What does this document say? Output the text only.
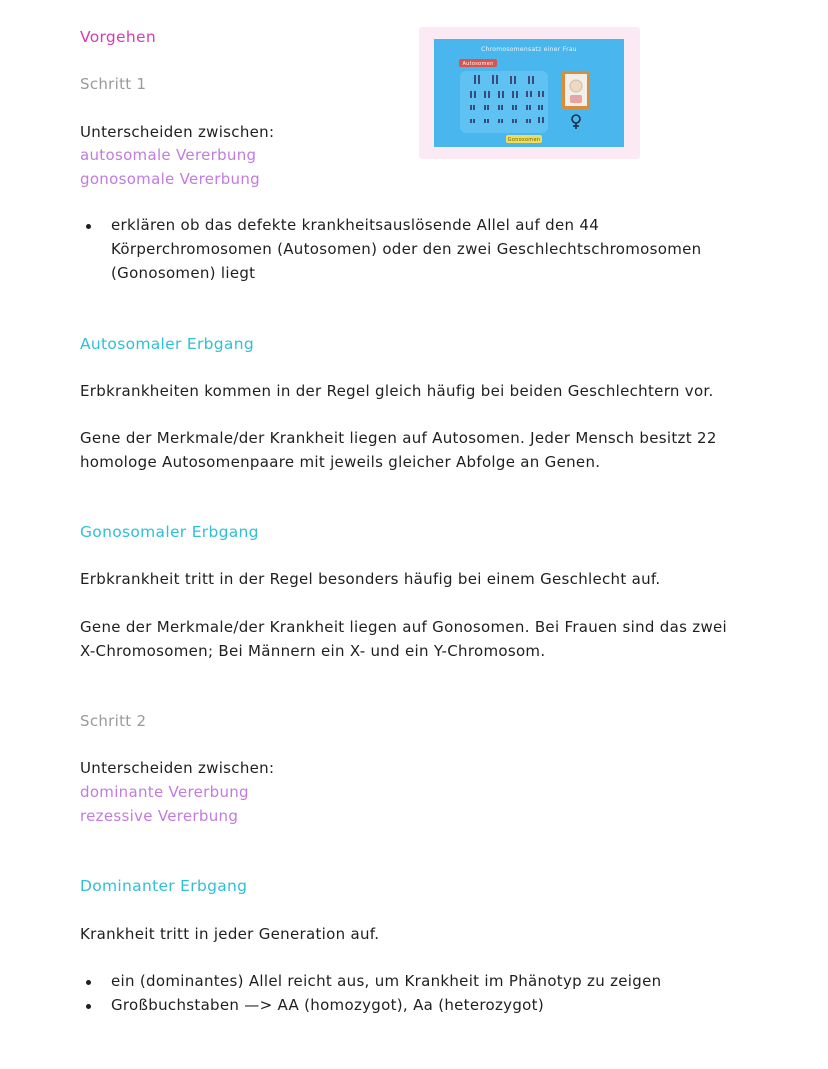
Vorgehen
Schritt 1
Unterscheiden zwischen:
autosomale Vererbung
gonosomale Vererbung
erklären ob das defekte krankheitsauslösende Allel auf den 44
Körperchromosomen (Autosomen) oder den zwei Geschlechtschromosomen
(Gonosomen) liegt
Chromosomensatz einer Frau
Autosomen
Gonosomen
Autosomaler Erbgang
Erbkrankheiten kommen in der Regel gleich häufig bei beiden Geschlechtern vor.
Gene der Merkmale/der Krankheit liegen auf Autosomen. Jeder Mensch besitzt 22
homologe Autosomenpaare mit jeweils gleicher Abfolge an Genen.
Gonosomaler Erbgang
Erbkrankheit tritt in der Regel besonders häufig bei einem Geschlecht auf.
Gene der Merkmale/der Krankheit liegen auf Gonosomen. Bei Frauen sind das zwei
X-Chromosomen; Bei Männern ein X- und ein Y-Chromosom.
Schritt 2
Unterscheiden zwischen:
dominante Vererbung
rezessive Vererbung
Dominanter Erbgang
Krankheit tritt in jeder Generation auf.
ein (dominantes) Allel reicht aus, um Krankheit im Phänotyp zu zeigen
Großbuchstaben —> AA (homozygot), Aa (heterozygot)
